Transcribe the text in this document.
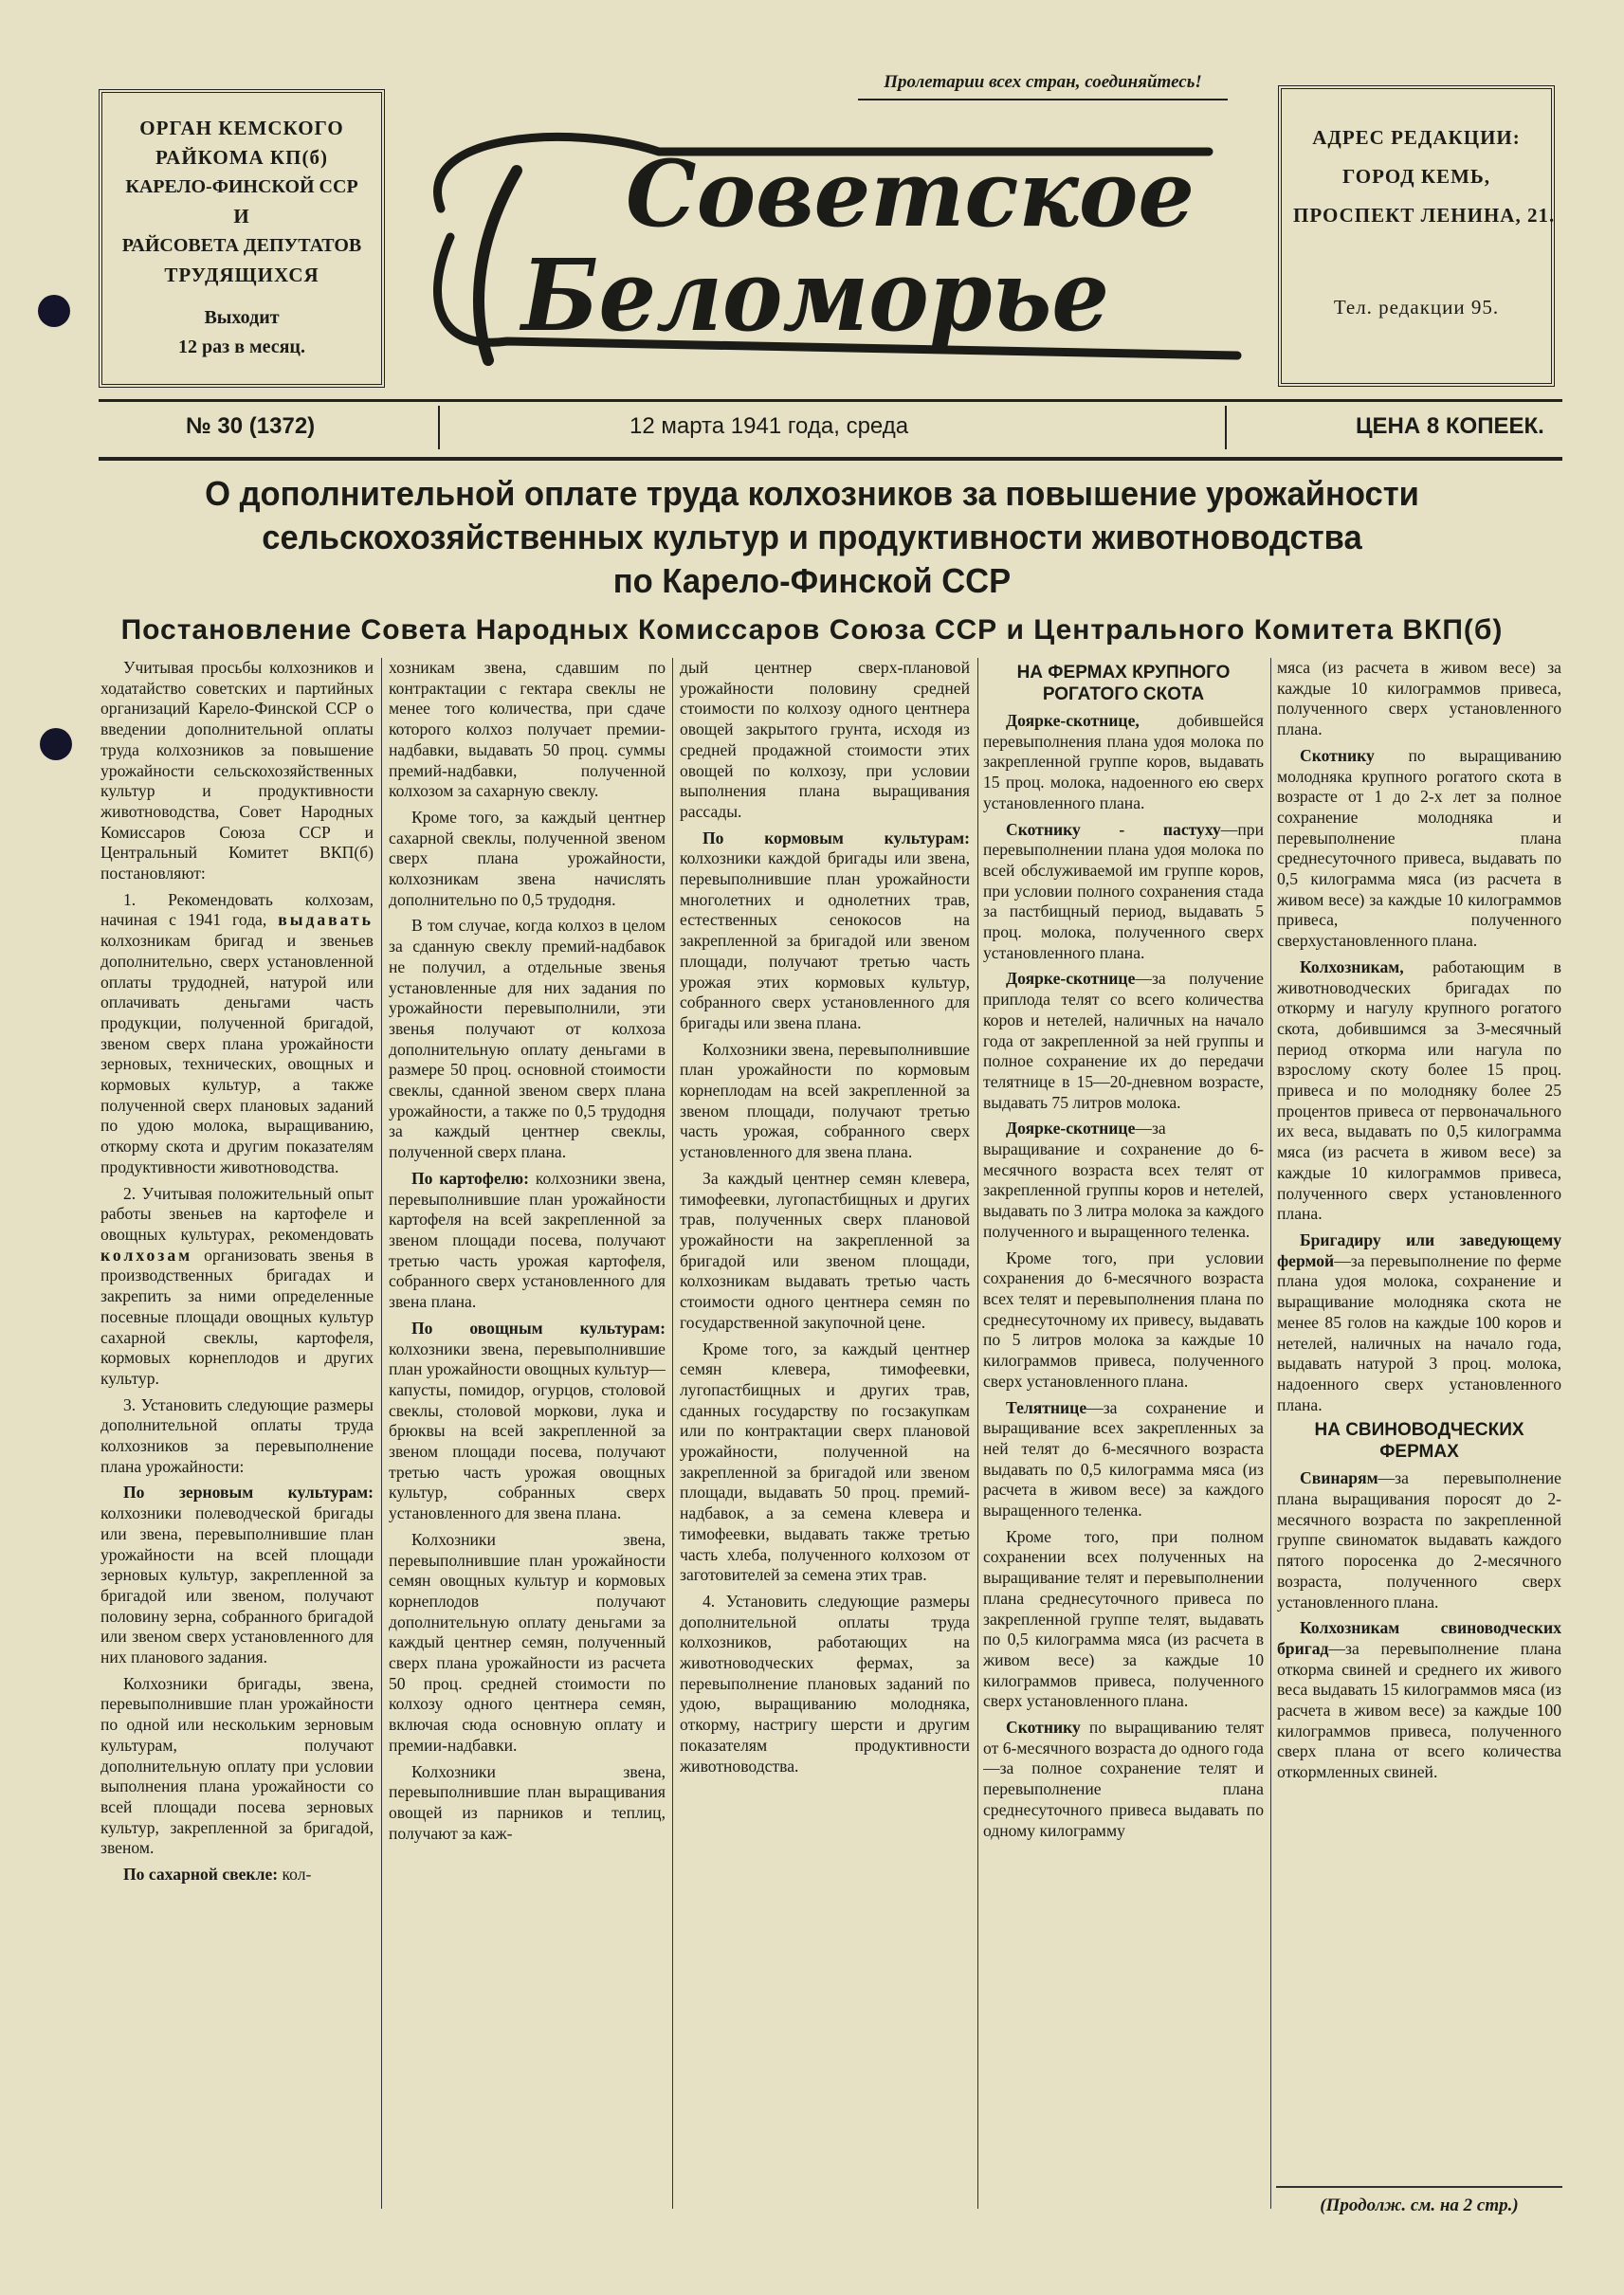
ОРГАН КЕМСКОГО
РАЙКОМА КП(б)
КАРЕЛО-ФИНСКОЙ ССР
И
РАЙСОВЕТА ДЕПУТАТОВ
ТРУДЯЩИХСЯ
Выходит
12 раз в месяц.
Пролетарии всех стран, соединяйтесь!
Советское
Беломорье
АДРЕС РЕДАКЦИИ:
ГОРОД КЕМЬ,
ПРОСПЕКТ ЛЕНИНА, 21.
Тел. редакции 95.
№ 30 (1372)	12 марта 1941 года, среда	ЦЕНА 8 КОПЕЕК.
О дополнительной оплате труда колхозников за повышение урожайности
сельскохозяйственных культур и продуктивности животноводства
по Карело-Финской ССР
Постановление Совета Народных Комиссаров Союза ССР и Центрального Комитета ВКП(б)

Учитывая просьбы колхозников и ходатайство советских и партийных организаций Карело-Финской ССР о введении дополнительной оплаты труда колхозников за повышение урожайности сельскохозяйственных культур и продуктивности животноводства, Совет Народных Комиссаров Союза ССР и Центральный Комитет ВКП(б) постановляют:

1. Рекомендовать колхозам, начиная с 1941 года, выдавать колхозникам бригад и звеньев дополнительно, сверх установленной оплаты трудодней, натурой или оплачивать деньгами часть продукции, полученной бригадой, звеном сверх плана урожайности зерновых, технических, овощных и кормовых культур, а также полученной сверх плановых заданий по удою молока, выращиванию, откорму скота и другим показателям продуктивности животноводства.

2. Учитывая положительный опыт работы звеньев на картофеле и овощных культурах, рекомендовать колхозам организовать звенья в производственных бригадах и закрепить за ними определенные посевные площади овощных культур сахарной свеклы, картофеля, кормовых корнеплодов и других культур.

3. Установить следующие размеры дополнительной оплаты труда колхозников за перевыполнение плана урожайности:

По зерновым культурам: колхозники полеводческой бригады или звена, перевыполнившие план урожайности на всей площади зерновых культур, закрепленной за бригадой или звеном, получают половину зерна, собранного бригадой или звеном сверх установленного для них планового задания.

Колхозники бригады, звена, перевыполнившие план урожайности по одной или нескольким зерновым культурам, получают дополнительную оплату при условии выполнения плана урожайности со всей площади посева зерновых культур, закрепленной за бригадой, звеном.

По сахарной свекле: кол-

хозникам звена, сдавшим по контрактации с гектара свеклы не менее того количества, при сдаче которого колхоз получает премии-надбавки, выдавать 50 проц. суммы премий-надбавки, полученной колхозом за сахарную свеклу.

Кроме того, за каждый центнер сахарной свеклы, полученной звеном сверх плана урожайности, колхозникам звена начислять дополнительно по 0,5 трудодня.

В том случае, когда колхоз в целом за сданную свеклу премий-надбавок не получил, а отдельные звенья установленные для них задания по урожайности перевыполнили, эти звенья получают от колхоза дополнительную оплату деньгами в размере 50 проц. основной стоимости свеклы, сданной звеном сверх плана урожайности, а также по 0,5 трудодня за каждый центнер свеклы, полученной сверх плана.

По картофелю: колхозники звена, перевыполнившие план урожайности картофеля на всей закрепленной за звеном площади посева, получают третью часть урожая картофеля, собранного сверх установленного для звена плана.

По овощным культурам: колхозники звена, перевыполнившие план урожайности овощных культур—капусты, помидор, огурцов, столовой свеклы, столовой моркови, лука и брюквы на всей закрепленной за звеном площади посева, получают третью часть урожая овощных культур, собранных сверх установленного для звена плана.

Колхозники звена, перевыполнившие план урожайности семян овощных культур и кормовых корнеплодов получают дополнительную оплату деньгами за каждый центнер семян, полученный сверх плана урожайности из расчета 50 проц. средней стоимости по колхозу одного центнера семян, включая сюда основную оплату и премии-надбавки.

Колхозники звена, перевыполнившие план выращивания овощей из парников и теплиц, получают за каж-

дый центнер сверх-плановой урожайности половину средней стоимости по колхозу одного центнера овощей закрытого грунта, исходя из средней продажной стоимости этих овощей по колхозу, при условии выполнения плана выращивания рассады.

По кормовым культурам: колхозники каждой бригады или звена, перевыполнившие план урожайности многолетних и однолетних трав, естественных сенокосов на закрепленной за бригадой или звеном площади, получают третью часть урожая этих кормовых культур, собранного сверх установленного для бригады или звена плана.

Колхозники звена, перевыполнившие план урожайности по кормовым корнеплодам на всей закрепленной за звеном площади, получают третью часть урожая, собранного сверх установленного для звена плана.

За каждый центнер семян клевера, тимофеевки, лугопастбищных и других трав, полученных сверх плановой урожайности на закрепленной за бригадой или звеном площади, колхозникам выдавать третью часть стоимости одного центнера семян по государственной закупочной цене.

Кроме того, за каждый центнер семян клевера, тимофеевки, лугопастбищных и других трав, сданных государству по госзакупкам или по контрактации сверх плановой урожайности, полученной на закрепленной за бригадой или звеном площади, выдавать 50 проц. премий-надбавок, а за семена клевера и тимофеевки, выдавать также третью часть хлеба, полученного колхозом от заготовителей за семена этих трав.

4. Установить следующие размеры дополнительной оплаты труда колхозников, работающих на животноводческих фермах, за перевыполнение плановых заданий по удою, выращиванию молодняка, откорму, настригу шерсти и другим показателям продуктивности животноводства.

НА ФЕРМАХ КРУПНОГО РОГАТОГО СКОТА

Доярке-скотнице, добившейся перевыполнения плана удоя молока по закрепленной группе коров, выдавать 15 проц. молока, надоенного ею сверх установленного плана.

Скотнику - пастуху—при перевыполнении плана удоя молока по всей обслуживаемой им группе коров, при условии полного сохранения стада за пастбищный период, выдавать 5 проц. молока, полученного сверх установленного плана.

Доярке-скотнице—за получение приплода телят со всего количества коров и нетелей, наличных на начало года от закрепленной за ней группы и полное сохранение их до передачи телятнице в 15—20-дневном возрасте, выдавать 75 литров молока.

Доярке-скотнице—за выращивание и сохранение до 6-месячного возраста всех телят от закрепленной группы коров и нетелей, выдавать по 3 литра молока за каждого полученного и выращенного теленка.

Кроме того, при условии сохранения до 6-месячного возраста всех телят и перевыполнения плана по среднесуточному их привесу, выдавать по 5 литров молока за каждые 10 килограммов привеса, полученного сверх установленного плана.

Телятнице—за сохранение и выращивание всех закрепленных за ней телят до 6-месячного возраста выдавать по 0,5 килограмма мяса (из расчета в живом весе) за каждого выращенного теленка.

Кроме того, при полном сохранении всех полученных на выращивание телят и перевыполнении плана среднесуточного привеса по закрепленной группе телят, выдавать по 0,5 килограмма мяса (из расчета в живом весе) за каждые 10 килограммов привеса, полученного сверх установленного плана.

Скотнику по выращиванию телят от 6-месячного возраста до одного года—за полное сохранение телят и перевыполнение плана среднесуточного привеса выдавать по одному килограмму

мяса (из расчета в живом весе) за каждые 10 килограммов привеса, полученного сверх установленного плана.

Скотнику по выращиванию молодняка крупного рогатого скота в возрасте от 1 до 2-х лет за полное сохранение молодняка и перевыполнение плана среднесуточного привеса, выдавать по 0,5 килограмма мяса (из расчета в живом весе) за каждые 10 килограммов привеса, полученного сверхустановленного плана.

Колхозникам, работающим в животноводческих бригадах по откорму и нагулу крупного рогатого скота, добившимся за 3-месячный период откорма или нагула по взрослому скоту более 15 проц. привеса и по молодняку более 25 процентов привеса от первоначального их веса, выдавать по 0,5 килограмма мяса (из расчета в живом весе) за каждые 10 килограммов привеса, полученного сверх установленного плана.

Бригадиру или заведующему фермой—за перевыполнение по ферме плана удоя молока, сохранение и выращивание молодняка скота не менее 85 голов на каждые 100 коров и нетелей, наличных на начало года, выдавать натурой 3 проц. молока, надоенного сверх установленного плана.

НА СВИНОВОДЧЕСКИХ ФЕРМАХ

Свинарям—за перевыполнение плана выращивания поросят до 2-месячного возраста по закрепленной группе свиноматок выдавать каждого пятого поросенка до 2-месячного возраста, полученного сверх установленного плана.

Колхозникам свиноводческих бригад—за перевыполнение плана откорма свиней и среднего их живого веса выдавать 15 килограммов мяса (из расчета в живом весе) за каждые 100 килограммов привеса, полученного сверх плана от всего количества откормленных свиней.

(Продолж. см. на 2 стр.)
